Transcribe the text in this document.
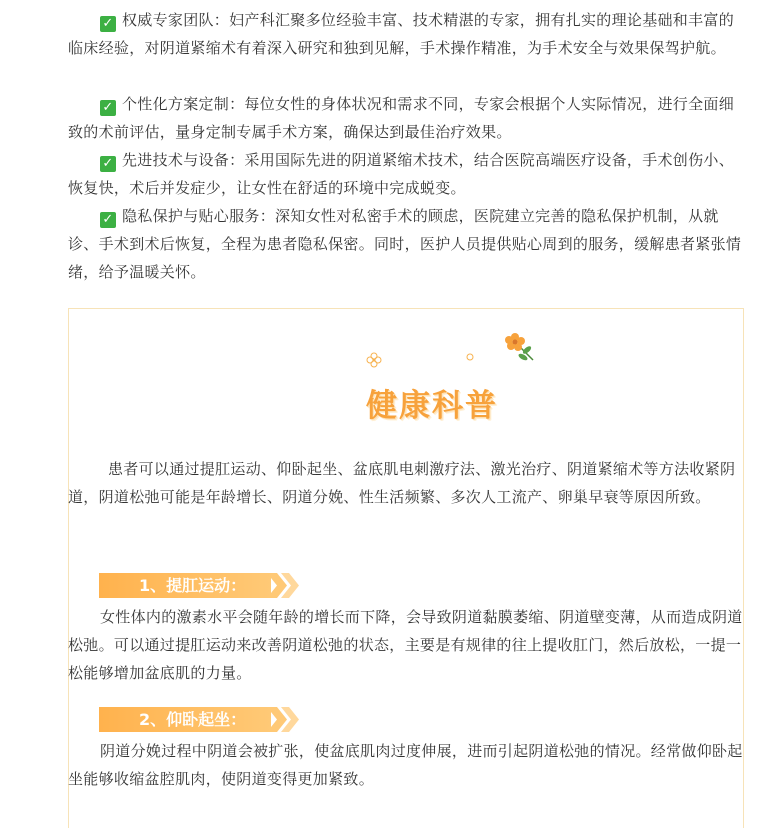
✓ 权威专家团队：妇产科汇聚多位经验丰富、技术精湛的专家，拥有扎实的理论基础和丰富的临床经验，对阴道紧缩术有着深入研究和独到见解，手术操作精准，为手术安全与效果保驾护航。

✓ 个性化方案定制：每位女性的身体状况和需求不同，专家会根据个人实际情况，进行全面细致的术前评估，量身定制专属手术方案，确保达到最佳治疗效果。

✓ 先进技术与设备：采用国际先进的阴道紧缩术技术，结合医院高端医疗设备，手术创伤小、恢复快，术后并发症少，让女性在舒适的环境中完成蜕变。

✓ 隐私保护与贴心服务：深知女性对私密手术的顾虑，医院建立完善的隐私保护机制，从就诊、手术到术后恢复，全程为患者隐私保密。同时，医护人员提供贴心周到的服务，缓解患者紧张情绪，给予温暖关怀。

健康科普

患者可以通过提肛运动、仰卧起坐、盆底肌电刺激疗法、激光治疗、阴道紧缩术等方法收紧阴道，阴道松弛可能是年龄增长、阴道分娩、性生活频繁、多次人工流产、卵巢早衰等原因所致。

1、提肛运动：

女性体内的激素水平会随年龄的增长而下降，会导致阴道黏膜萎缩、阴道壁变薄，从而造成阴道松弛。可以通过提肛运动来改善阴道松弛的状态，主要是有规律的往上提收肛门，然后放松，一提一松能够增加盆底肌的力量。

2、仰卧起坐：

阴道分娩过程中阴道会被扩张，使盆底肌肉过度伸展，进而引起阴道松弛的情况。经常做仰卧起坐能够收缩盆腔肌肉，使阴道变得更加紧致。
